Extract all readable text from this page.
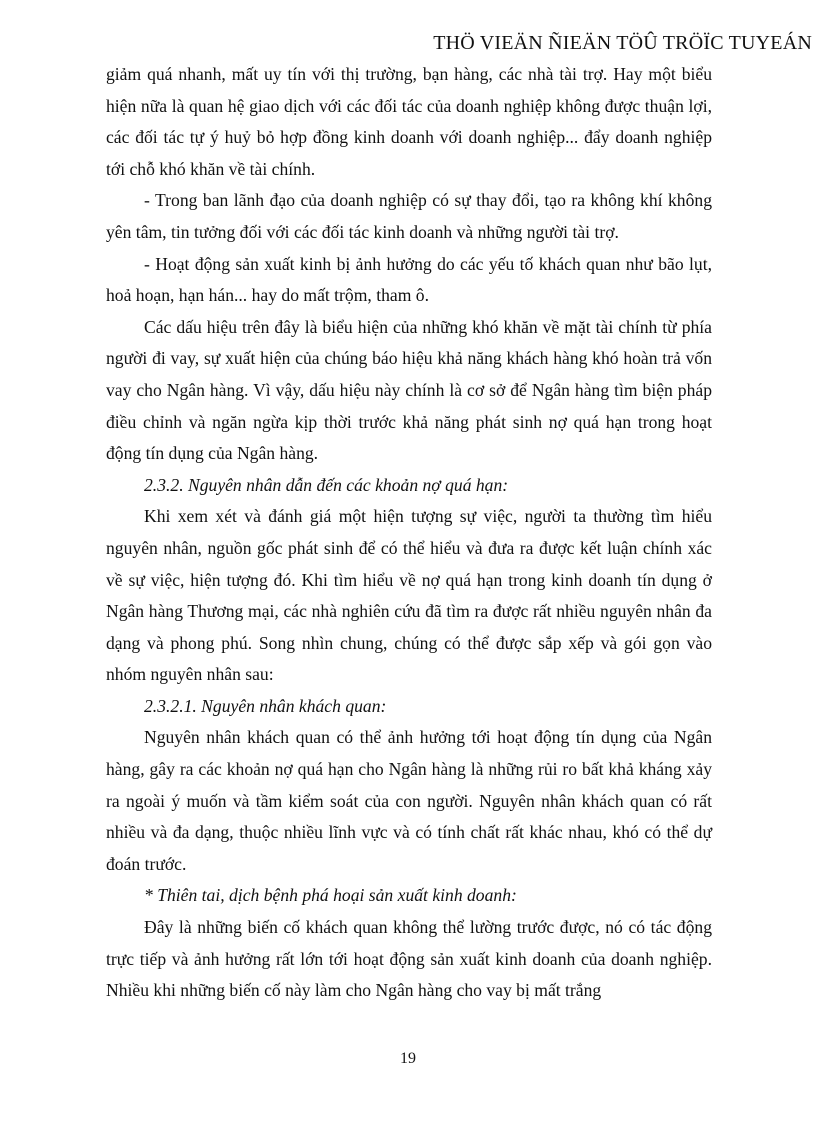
THÖ VIEÄN ÑIEÄN TÖÛ TRÖÏC TUYEÁN

giảm quá nhanh, mất uy tín với thị trường, bạn hàng, các nhà tài trợ. Hay một biểu hiện nữa là quan hệ giao dịch với các đối tác của doanh nghiệp không được thuận lợi, các đối tác tự ý huỷ bỏ hợp đồng kinh doanh với doanh nghiệp... đẩy doanh nghiệp tới chỗ khó khăn về tài chính.

- Trong ban lãnh đạo của doanh nghiệp có sự thay đổi, tạo ra không khí không yên tâm, tin tưởng đối với các đối tác kinh doanh và những người tài trợ.

- Hoạt động sản xuất kinh bị ảnh hưởng do các yếu tố khách quan như bão lụt, hoả hoạn, hạn hán... hay do mất trộm, tham ô.

Các dấu hiệu trên đây là biểu hiện của những khó khăn về mặt tài chính từ phía người đi vay, sự xuất hiện của chúng báo hiệu khả năng khách hàng khó hoàn trả vốn vay cho Ngân hàng. Vì vậy, dấu hiệu này chính là cơ sở để Ngân hàng tìm biện pháp điều chỉnh và ngăn ngừa kịp thời trước khả năng phát sinh nợ quá hạn trong hoạt động tín dụng của Ngân hàng.

2.3.2. Nguyên nhân dẫn đến các khoản nợ quá hạn:

Khi xem xét và đánh giá một hiện tượng sự việc, người ta thường tìm hiểu nguyên nhân, nguồn gốc phát sinh để có thể hiểu và đưa ra được kết luận chính xác về sự việc, hiện tượng đó. Khi tìm hiểu về nợ quá hạn trong kinh doanh tín dụng ở Ngân hàng Thương mại, các nhà nghiên cứu đã tìm ra được rất nhiều nguyên nhân đa dạng và phong phú. Song nhìn chung, chúng có thể được sắp xếp và gói gọn vào nhóm nguyên nhân sau:

2.3.2.1. Nguyên nhân khách quan:

Nguyên nhân khách quan có thể ảnh hưởng tới hoạt động tín dụng của Ngân hàng, gây ra các khoản nợ quá hạn cho Ngân hàng là những rủi ro bất khả kháng xảy ra ngoài ý muốn và tầm kiểm soát của con người. Nguyên nhân khách quan có rất nhiều và đa dạng, thuộc nhiều lĩnh vực và có tính chất rất khác nhau, khó có thể dự đoán trước.

* Thiên tai, dịch bệnh phá hoại sản xuất kinh doanh:

Đây là những biến cố khách quan không thể lường trước được, nó có tác động trực tiếp và ảnh hưởng rất lớn tới hoạt động sản xuất kinh doanh của doanh nghiệp. Nhiều khi những biến cố này làm cho Ngân hàng cho vay bị mất trắng

19
